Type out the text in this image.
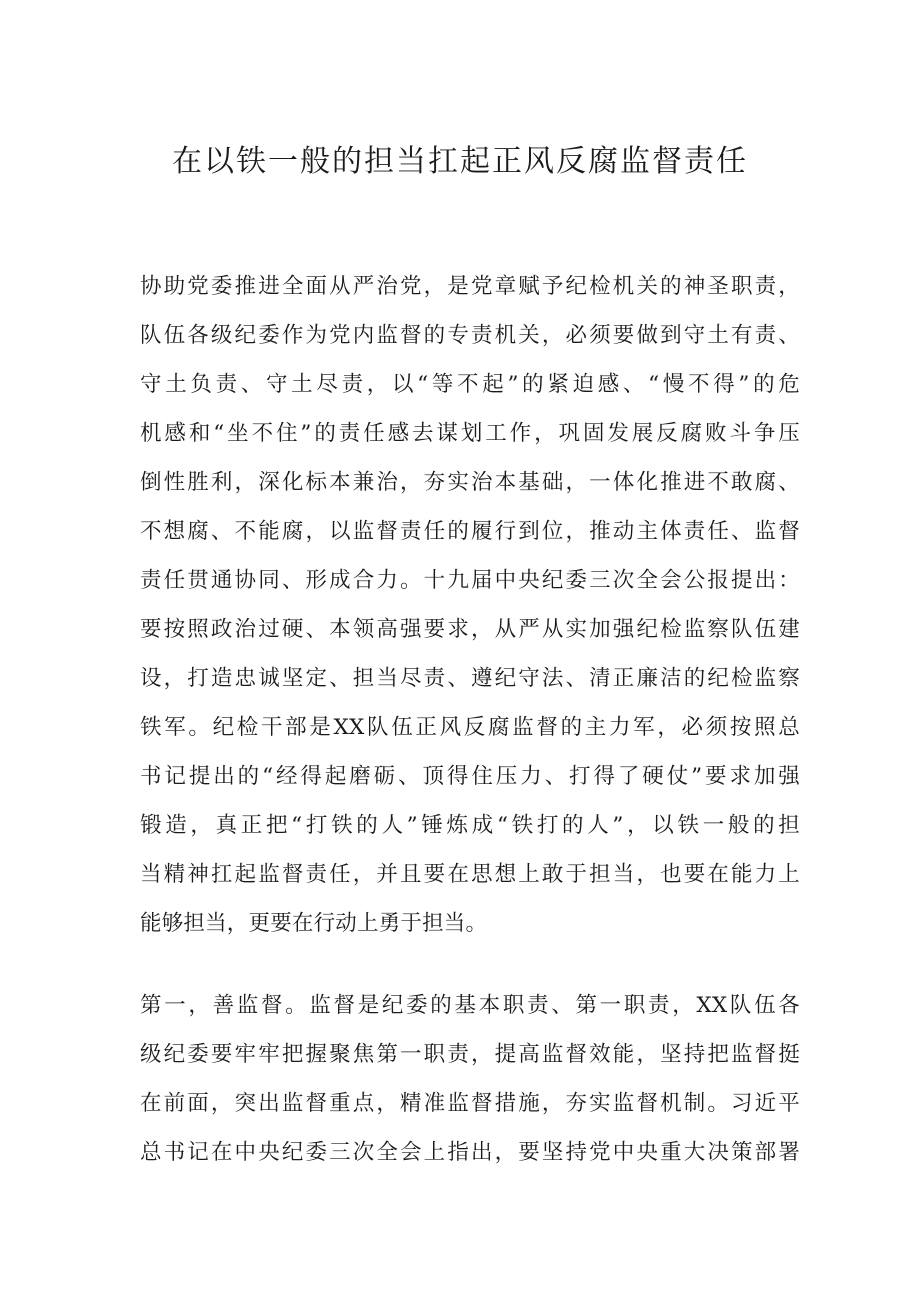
在以铁一般的担当扛起正风反腐监督责任
协助党委推进全面从严治党，是党章赋予纪检机关的神圣职责，
队伍各级纪委作为党内监督的专责机关，必须要做到守土有责、
守土负责、守土尽责，以“等不起”的紧迫感、“慢不得”的危
机感和“坐不住”的责任感去谋划工作，巩固发展反腐败斗争压
倒性胜利，深化标本兼治，夯实治本基础，一体化推进不敢腐、
不想腐、不能腐，以监督责任的履行到位，推动主体责任、监督
责任贯通协同、形成合力。十九届中央纪委三次全会公报提出：
要按照政治过硬、本领高强要求，从严从实加强纪检监察队伍建
设，打造忠诚坚定、担当尽责、遵纪守法、清正廉洁的纪检监察
铁军。纪检干部是XX队伍正风反腐监督的主力军，必须按照总
书记提出的“经得起磨砺、顶得住压力、打得了硬仗”要求加强
锻造，真正把“打铁的人”锤炼成“铁打的人”，以铁一般的担
当精神扛起监督责任，并且要在思想上敢于担当，也要在能力上
能够担当，更要在行动上勇于担当。
第一，善监督。监督是纪委的基本职责、第一职责，XX队伍各
级纪委要牢牢把握聚焦第一职责，提高监督效能，坚持把监督挺
在前面，突出监督重点，精准监督措施，夯实监督机制。习近平
总书记在中央纪委三次全会上指出，要坚持党中央重大决策部署
